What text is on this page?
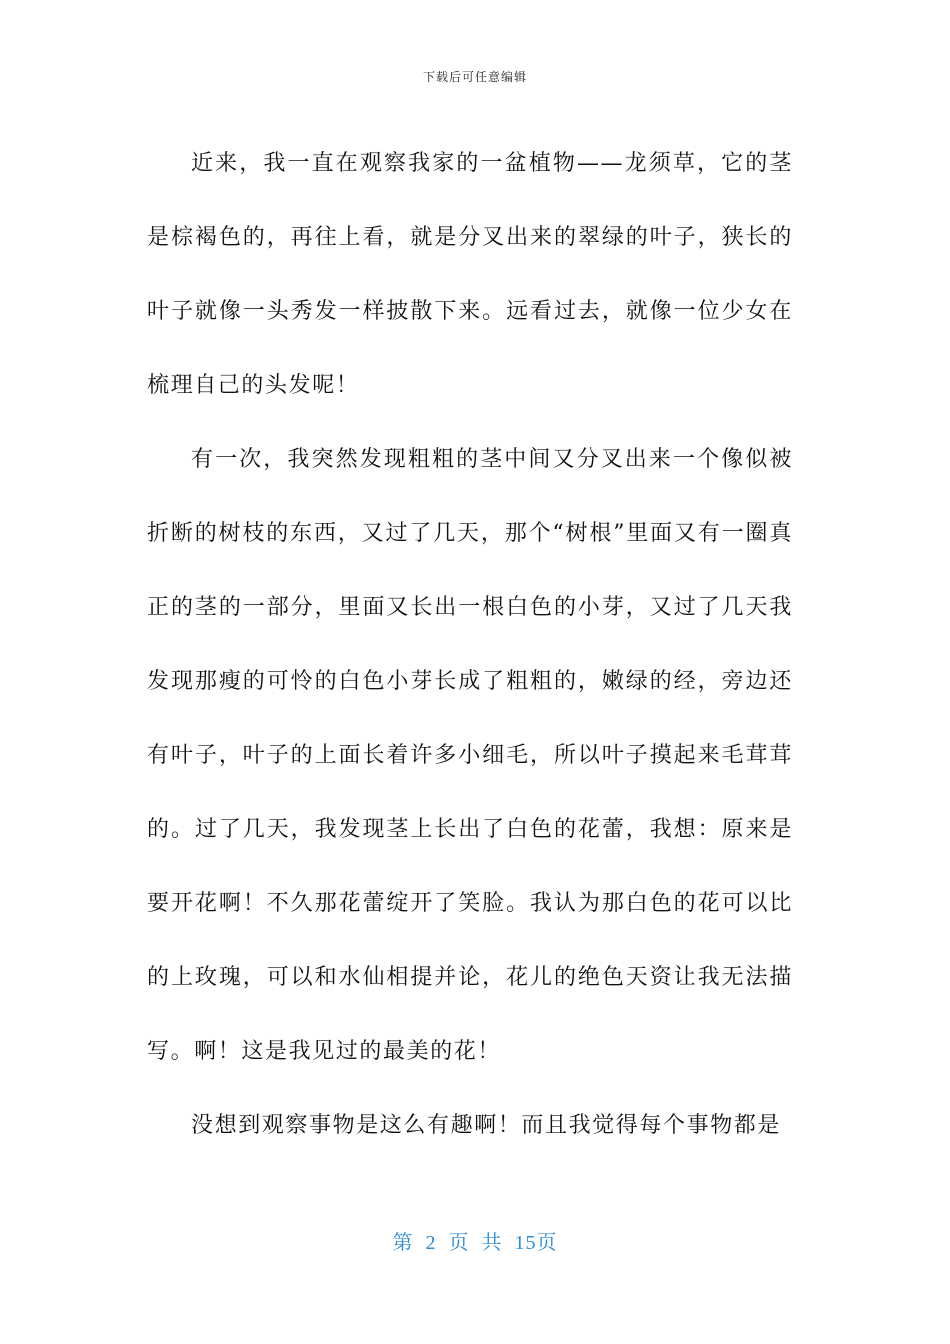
下载后可任意编辑

近来，我一直在观察我家的一盆植物——龙须草，它的茎是棕褐色的，再往上看，就是分叉出来的翠绿的叶子，狭长的叶子就像一头秀发一样披散下来。远看过去，就像一位少女在梳理自己的头发呢！

有一次，我突然发现粗粗的茎中间又分叉出来一个像似被折断的树枝的东西，又过了几天，那个“树根”里面又有一圈真正的茎的一部分，里面又长出一根白色的小芽，又过了几天我发现那瘦的可怜的白色小芽长成了粗粗的，嫩绿的经，旁边还有叶子，叶子的上面长着许多小细毛，所以叶子摸起来毛茸茸的。过了几天，我发现茎上长出了白色的花蕾，我想：原来是要开花啊！不久那花蕾绽开了笑脸。我认为那白色的花可以比的上玫瑰，可以和水仙相提并论，花儿的绝色天资让我无法描写。啊！这是我见过的最美的花！

没想到观察事物是这么有趣啊！而且我觉得每个事物都是

第 2 页 共 15页
